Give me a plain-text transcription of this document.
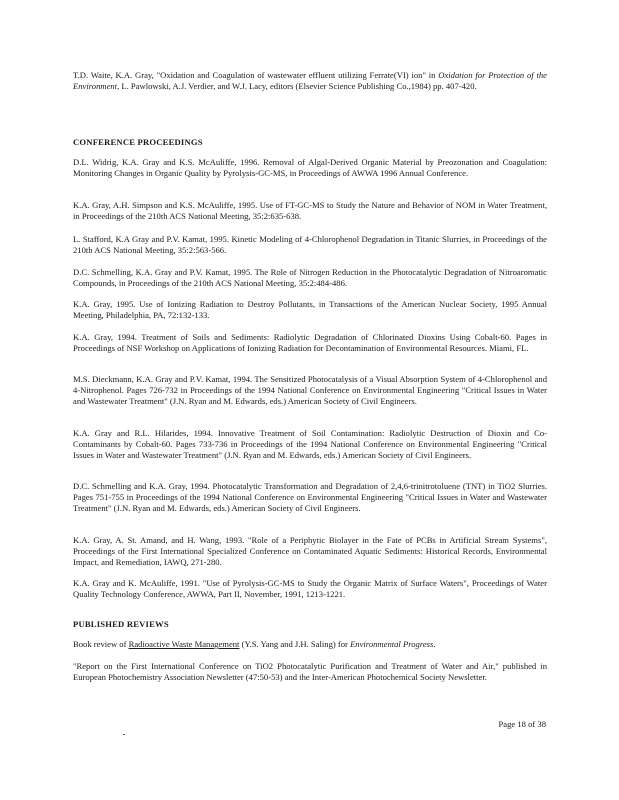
T.D. Waite, K.A. Gray, "Oxidation and Coagulation of wastewater effluent utilizing Ferrate(VI) ion" in Oxidation for Protection of the Environment, L. Pawlowski, A.J. Verdier, and W.J. Lacy, editors (Elsevier Science Publishing Co.,1984) pp. 407-420.

CONFERENCE PROCEEDINGS

D.L. Widrig, K.A. Gray and K.S. McAuliffe, 1996. Removal of Algal-Derived Organic Material by Preozonation and Coagulation: Monitoring Changes in Organic Quality by Pyrolysis-GC-MS, in Proceedings of AWWA 1996 Annual Conference.

K.A. Gray, A.H. Simpson and K.S. McAuliffe, 1995. Use of FT-GC-MS to Study the Nature and Behavior of NOM in Water Treatment, in Proceedings of the 210th ACS National Meeting, 35:2:635-638.

L. Stafford, K.A Gray and P.V. Kamat, 1995. Kinetic Modeling of 4-Chlorophenol Degradation in Titanic Slurries, in Proceedings of the 210th ACS National Meeting, 35:2:563-566.

D.C. Schmelling, K.A. Gray and P.V. Kamat, 1995. The Role of Nitrogen Reduction in the Photocatalytic Degradation of Nitroaromatic Compounds, in Proceedings of the 210th ACS National Meeting, 35:2:484-486.

K.A. Gray, 1995. Use of Ionizing Radiation to Destroy Pollutants, in Transactions of the American Nuclear Society, 1995 Annual Meeting, Philadelphia, PA, 72:132-133.

K.A. Gray, 1994. Treatment of Soils and Sediments: Radiolytic Degradation of Chlorinated Dioxins Using Cobalt-60. Pages in Proceedings of NSF Workshop on Applications of Ionizing Radiation for Decontamination of Environmental Resources. Miami, FL.

M.S. Dieckmann, K.A. Gray and P.V. Kamat, 1994. The Sensitized Photocatalysis of a Visual Absorption System of 4-Chlorophenol and 4-Nitrophenol. Pages 726-732 in Proceedings of the 1994 National Conference on Environmental Engineering "Critical Issues in Water and Wastewater Treatment" (J.N. Ryan and M. Edwards, eds.) American Society of Civil Engineers.

K.A. Gray and R.L. Hilarides, 1994. Innovative Treatment of Soil Contamination: Radiolytic Destruction of Dioxin and Co-Contaminants by Cobalt-60. Pages 733-736 in Proceedings of the 1994 National Conference on Environmental Engineering "Critical Issues in Water and Wastewater Treatment" (J.N. Ryan and M. Edwards, eds.) American Society of Civil Engineers.

D.C. Schmelling and K.A. Gray, 1994. Photocatalytic Transformation and Degradation of 2,4,6-trinitrotoluene (TNT) in TiO2 Slurries. Pages 751-755 in Proceedings of the 1994 National Conference on Environmental Engineering "Critical Issues in Water and Wastewater Treatment" (J.N. Ryan and M. Edwards, eds.) American Society of Civil Engineers.

K.A. Gray, A. St. Amand, and H. Wang, 1993. "Role of a Periphytic Biolayer in the Fate of PCBs in Artificial Stream Systems", Proceedings of the First International Specialized Conference on Contaminated Aquatic Sediments: Historical Records, Environmental Impact, and Remediation, IAWQ, 271-280.

K.A. Gray and K. McAuliffe, 1991. "Use of Pyrolysis-GC-MS to Study the Organic Matrix of Surface Waters", Proceedings of Water Quality Technology Conference, AWWA, Part II, November, 1991, 1213-1221.

PUBLISHED REVIEWS

Book review of Radioactive Waste Management (Y.S. Yang and J.H. Saling) for Environmental Progress.

"Report on the First International Conference on TiO2 Photocatalytic Purification and Treatment of Water and Air," published in European Photochemistry Association Newsletter (47:50-53) and the Inter-American Photochemical Society Newsletter.

Page 18 of 38
